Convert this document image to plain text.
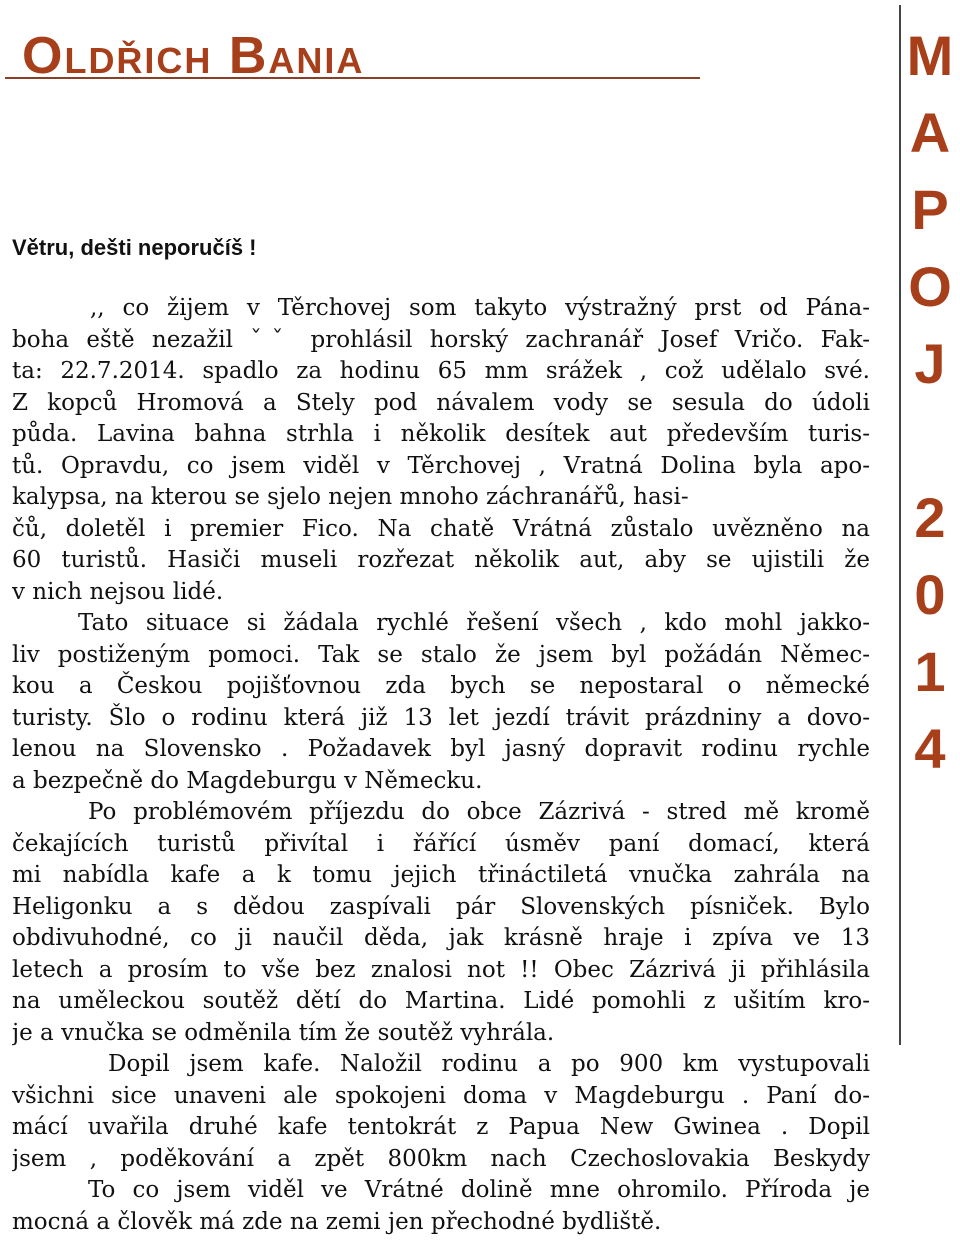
Oldřich Bania	MAPOJ
2014
Větru, dešti neporučíš !
,, co žijem v Těrchovej som takyto výstražný prst od Pána-
boha eště nezažil ˇˇ prohlásil horský zachranář Josef Vričo. Fak-
ta: 22.7.2014. spadlo za hodinu 65 mm srážek , což udělalo své.
Z kopců Hromová a Stely pod návalem vody se sesula do údoli
půda. Lavina bahna strhla i několik desítek aut především turis-
tů. Opravdu, co jsem viděl v Těrchovej , Vratná Dolina byla apo-
kalypsa, na kterou se sjelo nejen mnoho záchranářů, hasi-
čů, doletěl i premier Fico. Na chatě Vrátná zůstalo uvězněno na
60 turistů. Hasiči museli rozřezat několik aut, aby se ujistili že
v nich nejsou lidé.
Tato situace si žádala rychlé řešení všech , kdo mohl jakko-
liv postiženým pomoci. Tak se stalo že jsem byl požádán Němec-
kou a Českou pojišťovnou zda bych se nepostaral o německé
turisty. Šlo o rodinu která již 13 let jezdí trávit prázdniny a dovo-
lenou na Slovensko . Požadavek byl jasný dopravit rodinu rychle
a bezpečně do Magdeburgu v Německu.
Po problémovém příjezdu do obce Zázrivá - stred mě kromě
čekajících turistů přivítal i řářící úsměv paní domací, která
mi nabídla kafe a k tomu jejich třináctiletá vnučka zahrála na
Heligonku a s dědou zaspívali pár Slovenských písniček. Bylo
obdivuhodné, co ji naučil děda, jak krásně hraje i zpíva ve 13
letech a prosím to vše bez znalosi not !! Obec Zázrivá ji přihlásila
na uměleckou soutěž dětí do Martina. Lidé pomohli z ušitím kro-
je a vnučka se odměnila tím že soutěž vyhrála.
Dopil jsem kafe. Naložil rodinu a po 900 km vystupovali
všichni sice unaveni ale spokojeni doma v Magdeburgu . Paní do-
mácí uvařila druhé kafe tentokrát z Papua New Gwinea . Dopil
jsem , poděkování a zpět 800km nach Czechoslovakia Beskydy
To co jsem viděl ve Vrátné dolině mne ohromilo. Příroda je
mocná a člověk má zde na zemi jen přechodné bydliště.
